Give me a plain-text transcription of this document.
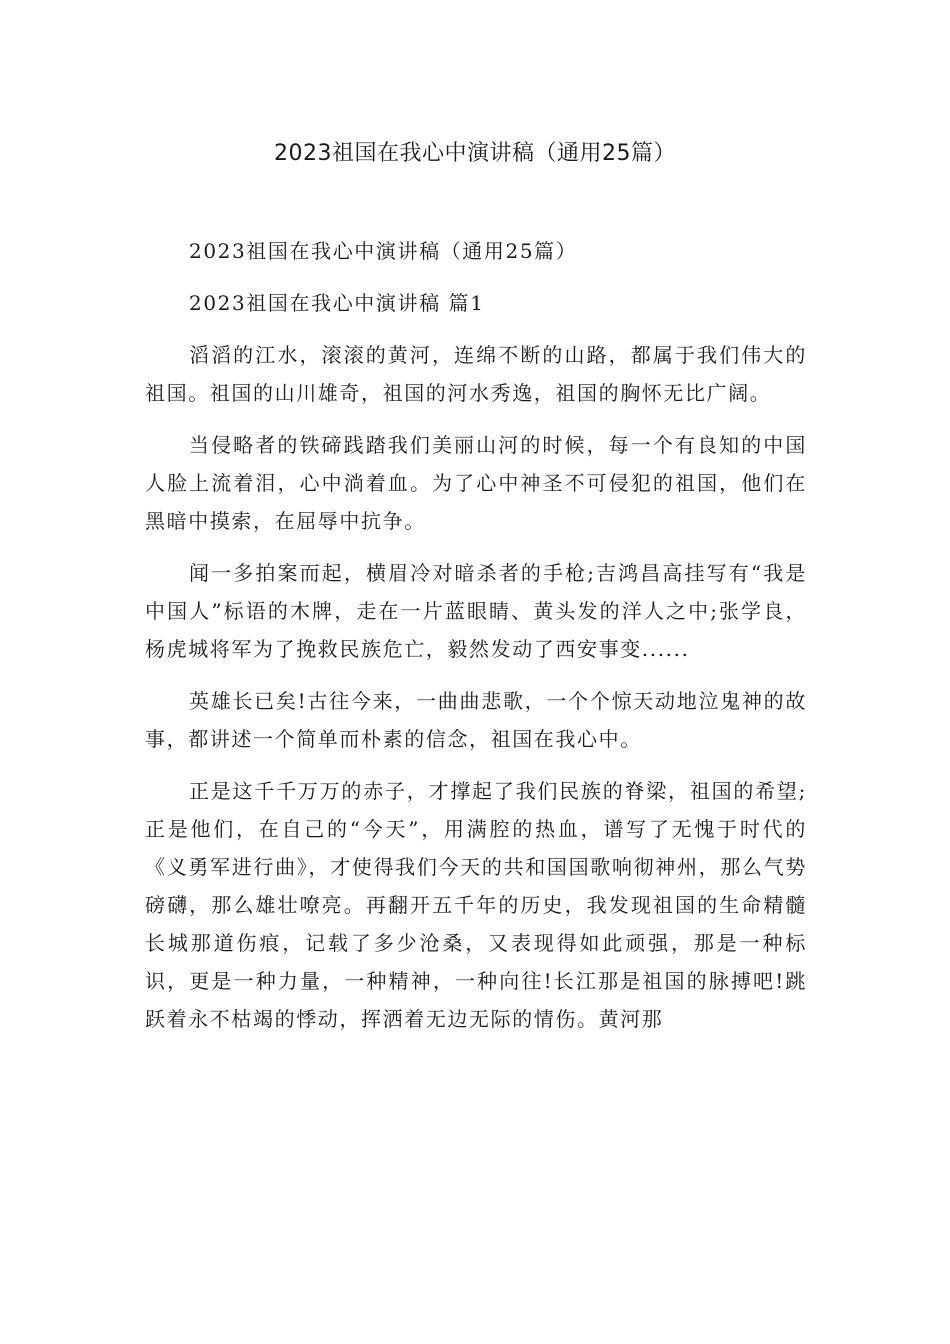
2023祖国在我心中演讲稿（通用25篇）

2023祖国在我心中演讲稿（通用25篇）

2023祖国在我心中演讲稿 篇1

滔滔的江水，滚滚的黄河，连绵不断的山路，都属于我们伟大的祖国。祖国的山川雄奇，祖国的河水秀逸，祖国的胸怀无比广阔。

当侵略者的铁碲践踏我们美丽山河的时候，每一个有良知的中国人脸上流着泪，心中淌着血。为了心中神圣不可侵犯的祖国，他们在黑暗中摸索，在屈辱中抗争。

闻一多拍案而起，横眉冷对暗杀者的手枪;吉鸿昌高挂写有“我是中国人”标语的木牌，走在一片蓝眼睛、黄头发的洋人之中;张学良，杨虎城将军为了挽救民族危亡，毅然发动了西安事变......

英雄长已矣!古往今来，一曲曲悲歌，一个个惊天动地泣鬼神的故事，都讲述一个简单而朴素的信念，祖国在我心中。

正是这千千万万的赤子，才撑起了我们民族的脊梁，祖国的希望;正是他们，在自己的“今天”，用满腔的热血，谱写了无愧于时代的《义勇军进行曲》，才使得我们今天的共和国国歌响彻神州，那么气势磅礴，那么雄壮嘹亮。再翻开五千年的历史，我发现祖国的生命精髓长城那道伤痕，记载了多少沧桑，又表现得如此顽强，那是一种标识，更是一种力量，一种精神，一种向往!长江那是祖国的脉搏吧!跳跃着永不枯竭的悸动，挥洒着无边无际的情伤。黄河那
